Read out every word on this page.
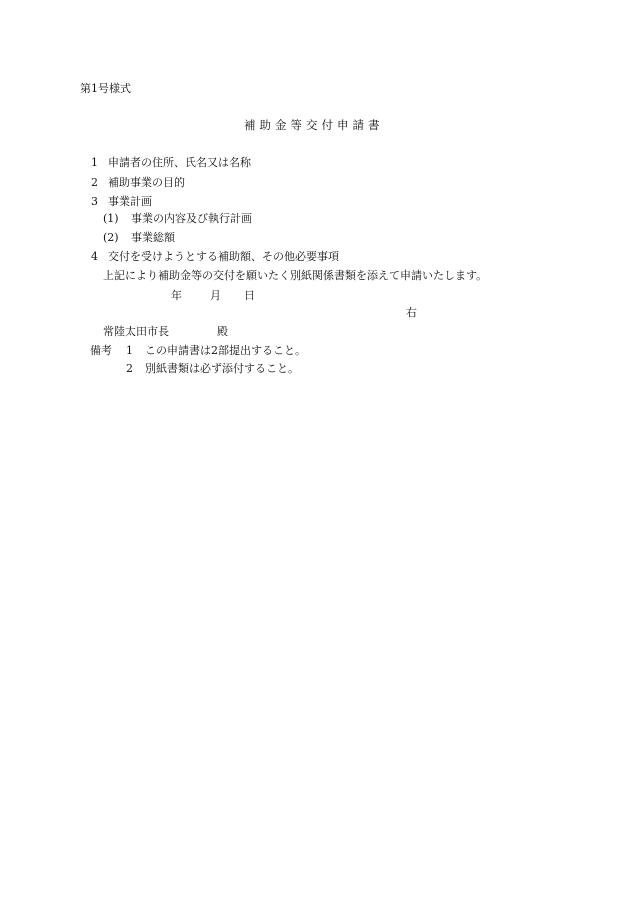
第1号様式
補助金等交付申請書
1 申請者の住所、氏名又は名称
2 補助事業の目的
3 事業計画
(1) 事業の内容及び執行計画
(2) 事業総額
4 交付を受けようとする補助額、その他必要事項
上記により補助金等の交付を願いたく別紙関係書類を添えて申請いたします。
年	月 日
右
常陸太田市長	殿
備考 1 この申請書は2部提出すること。
2 別紙書類は必ず添付すること。
